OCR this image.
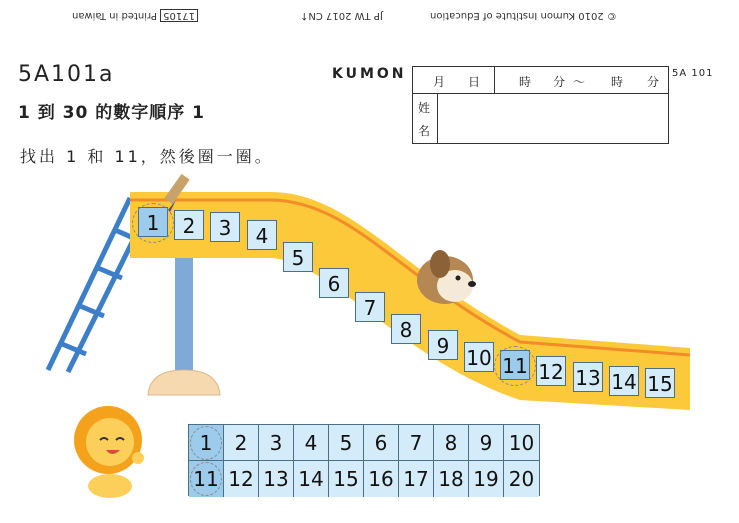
17105 Printed in Taiwan	JP TW 2017 CN↑	© 2010 Kumon Institute of Education
5A101a	KUMON	5A 101
月 日	時 分 ～ 時 分
姓
名
1 到 30 的數字順序 1
找出 1 和 11，然後圈一圈。
1	2	3	4
5
6
7
8
9 10 11 12 13 14 15
1	2	3	4	5	6	7	8	9 10
11 12 13 14 15 16 17 18 19 20
